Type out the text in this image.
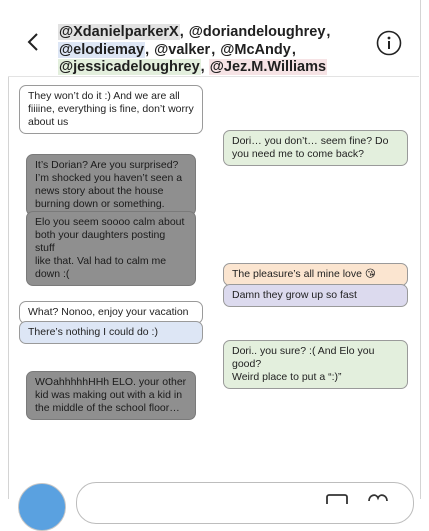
@XdanielparkerX, @doriandeloughrey, @elodiemay, @valker, @McAndy, @jessicadeloughrey, @Jez.M.Williams
They won’t do it :) And we are all
fiiiine, everything is fine, don’t worry
about us
Dori… you don’t… seem fine? Do
you need me to come back?
It’s Dorian? Are you surprised?
I’m shocked you haven’t seen a
news story about the house
burning down or something.
Elo you seem soooo calm about
both your daughters posting stuff
like that. Val had to calm me
down :(	The pleasure’s all mine love 😘
Damn they grow up so fast
What? Nonoo, enjoy your vacation
There’s nothing I could do :)
Dori.. you sure? :( And Elo you good?
Weird place to put a “:)”
WOahhhhhHHh ELO. your other
kid was making out with a kid in
the middle of the school floor…
